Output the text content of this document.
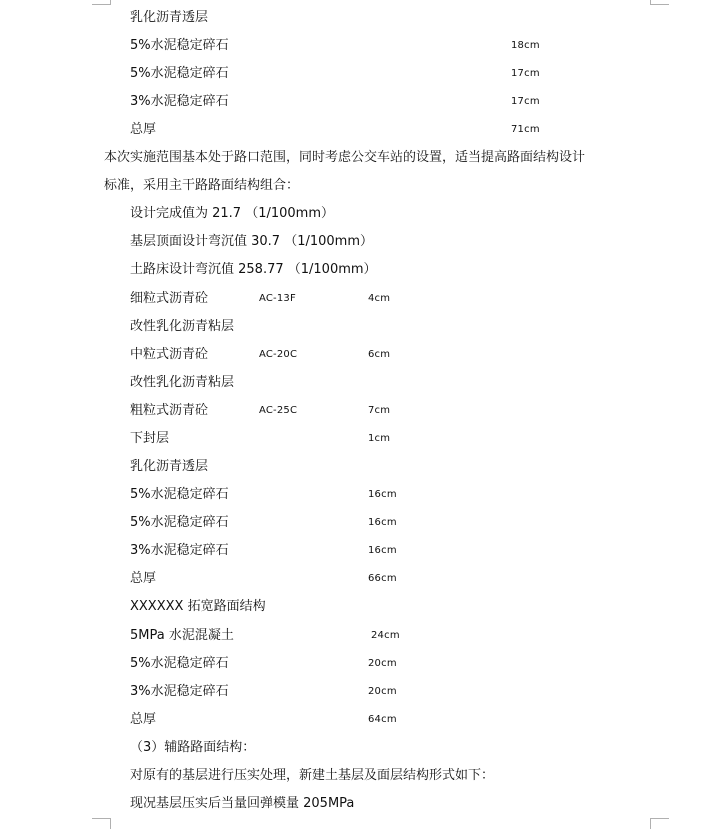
乳化沥青透层
5%水泥稳定碎石	18cm
5%水泥稳定碎石	17cm
3%水泥稳定碎石	17cm
总厚	71cm
本次实施范围基本处于路口范围，同时考虑公交车站的设置，适当提高路面结构设计
标准，采用主干路路面结构组合：
设计完成值为 21.7 （1/100mm）
基层顶面设计弯沉值 30.7 （1/100mm）
土路床设计弯沉值 258.77 （1/100mm）
细粒式沥青砼	AC-13F	4cm
改性乳化沥青粘层
中粒式沥青砼	AC-20C	6cm
改性乳化沥青粘层
粗粒式沥青砼	AC-25C	7cm
下封层	1cm
乳化沥青透层
5%水泥稳定碎石	16cm
5%水泥稳定碎石	16cm
3%水泥稳定碎石	16cm
总厚	66cm
XXXXXX 拓宽路面结构
5MPa 水泥混凝土	24cm
5%水泥稳定碎石	20cm
3%水泥稳定碎石	20cm
总厚	64cm
（3）辅路路面结构：
对原有的基层进行压实处理，新建土基层及面层结构形式如下：
现况基层压实后当量回弹模量 205MPa
